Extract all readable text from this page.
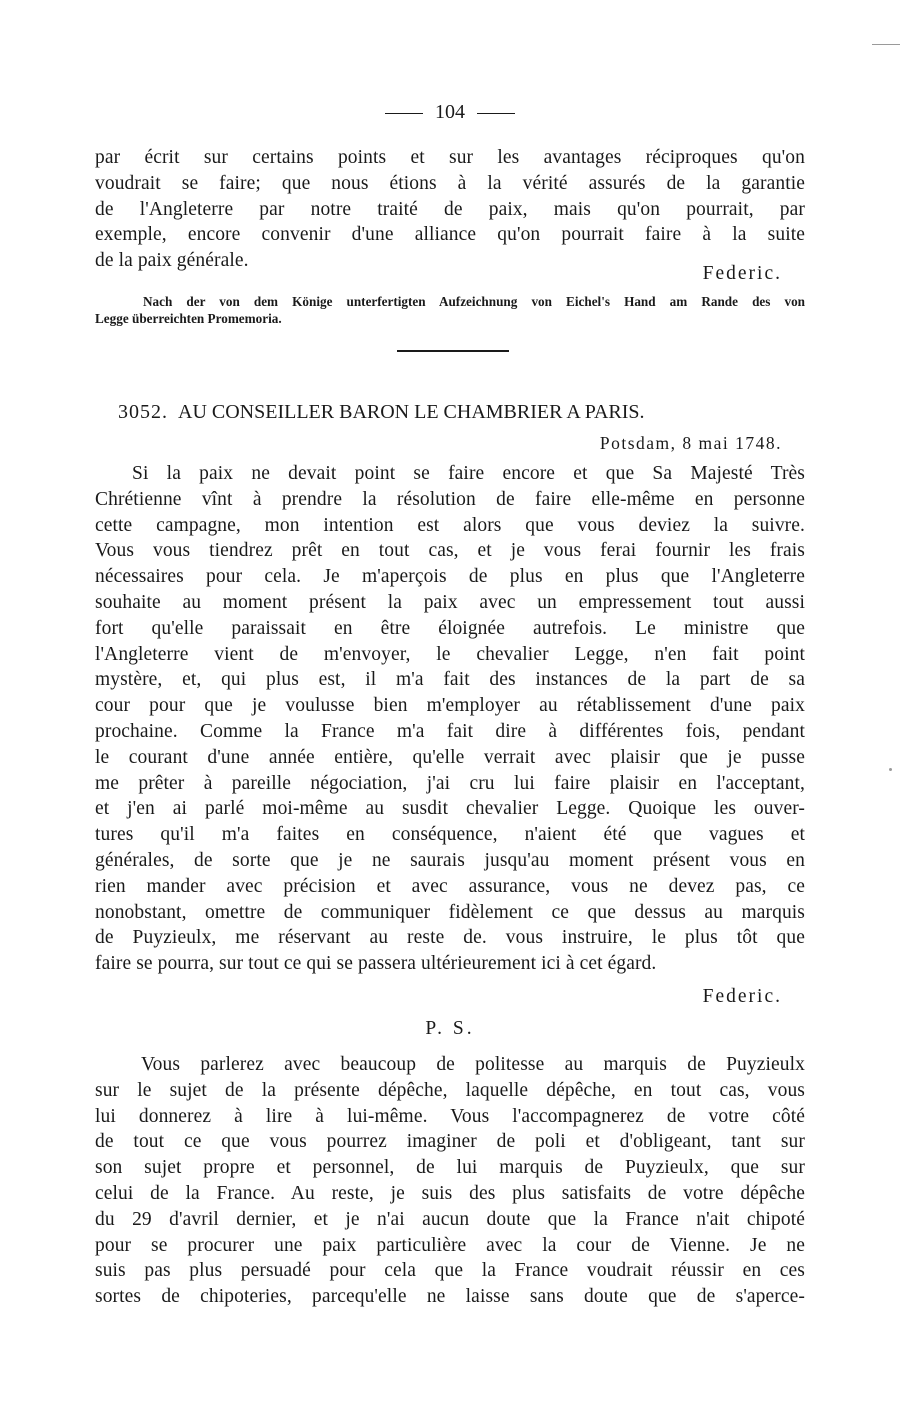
104
par écrit sur certains points et sur les avantages réciproques qu'on
voudrait se faire; que nous étions à la vérité assurés de la garantie
de l'Angleterre par notre traité de paix, mais qu'on pourrait, par
exemple, encore convenir d'une alliance qu'on pourrait faire à la suite
de la paix générale.
Federic.
Nach der von dem Könige unterfertigten Aufzeichnung von Eichel's Hand am Rande des von
Legge überreichten Promemoria.
3052. AU CONSEILLER BARON LE CHAMBRIER A PARIS.
Potsdam, 8 mai 1748.
Si la paix ne devait point se faire encore et que Sa Majesté Très
Chrétienne vînt à prendre la résolution de faire elle-même en personne
cette campagne, mon intention est alors que vous deviez la suivre.
Vous vous tiendrez prêt en tout cas, et je vous ferai fournir les frais
nécessaires pour cela. Je m'aperçois de plus en plus que l'Angleterre
souhaite au moment présent la paix avec un empressement tout aussi
fort qu'elle paraissait en être éloignée autrefois. Le ministre que
l'Angleterre vient de m'envoyer, le chevalier Legge, n'en fait point
mystère, et, qui plus est, il m'a fait des instances de la part de sa
cour pour que je voulusse bien m'employer au rétablissement d'une paix
prochaine. Comme la France m'a fait dire à différentes fois, pendant
le courant d'une année entière, qu'elle verrait avec plaisir que je pusse
me prêter à pareille négociation, j'ai cru lui faire plaisir en l'acceptant,
et j'en ai parlé moi-même au susdit chevalier Legge. Quoique les ouver-
tures qu'il m'a faites en conséquence, n'aient été que vagues et
générales, de sorte que je ne saurais jusqu'au moment présent vous en
rien mander avec précision et avec assurance, vous ne devez pas, ce
nonobstant, omettre de communiquer fidèlement ce que dessus au marquis
de Puyzieulx, me réservant au reste de. vous instruire, le plus tôt que
faire se pourra, sur tout ce qui se passera ultérieurement ici à cet égard.
Federic.
P. S.
Vous parlerez avec beaucoup de politesse au marquis de Puyzieulx
sur le sujet de la présente dépêche, laquelle dépêche, en tout cas, vous
lui donnerez à lire à lui-même. Vous l'accompagnerez de votre côté
de tout ce que vous pourrez imaginer de poli et d'obligeant, tant sur
son sujet propre et personnel, de lui marquis de Puyzieulx, que sur
celui de la France. Au reste, je suis des plus satisfaits de votre dépêche
du 29 d'avril dernier, et je n'ai aucun doute que la France n'ait chipoté
pour se procurer une paix particulière avec la cour de Vienne. Je ne
suis pas plus persuadé pour cela que la France voudrait réussir en ces
sortes de chipoteries, parcequ'elle ne laisse sans doute que de s'aperce-
